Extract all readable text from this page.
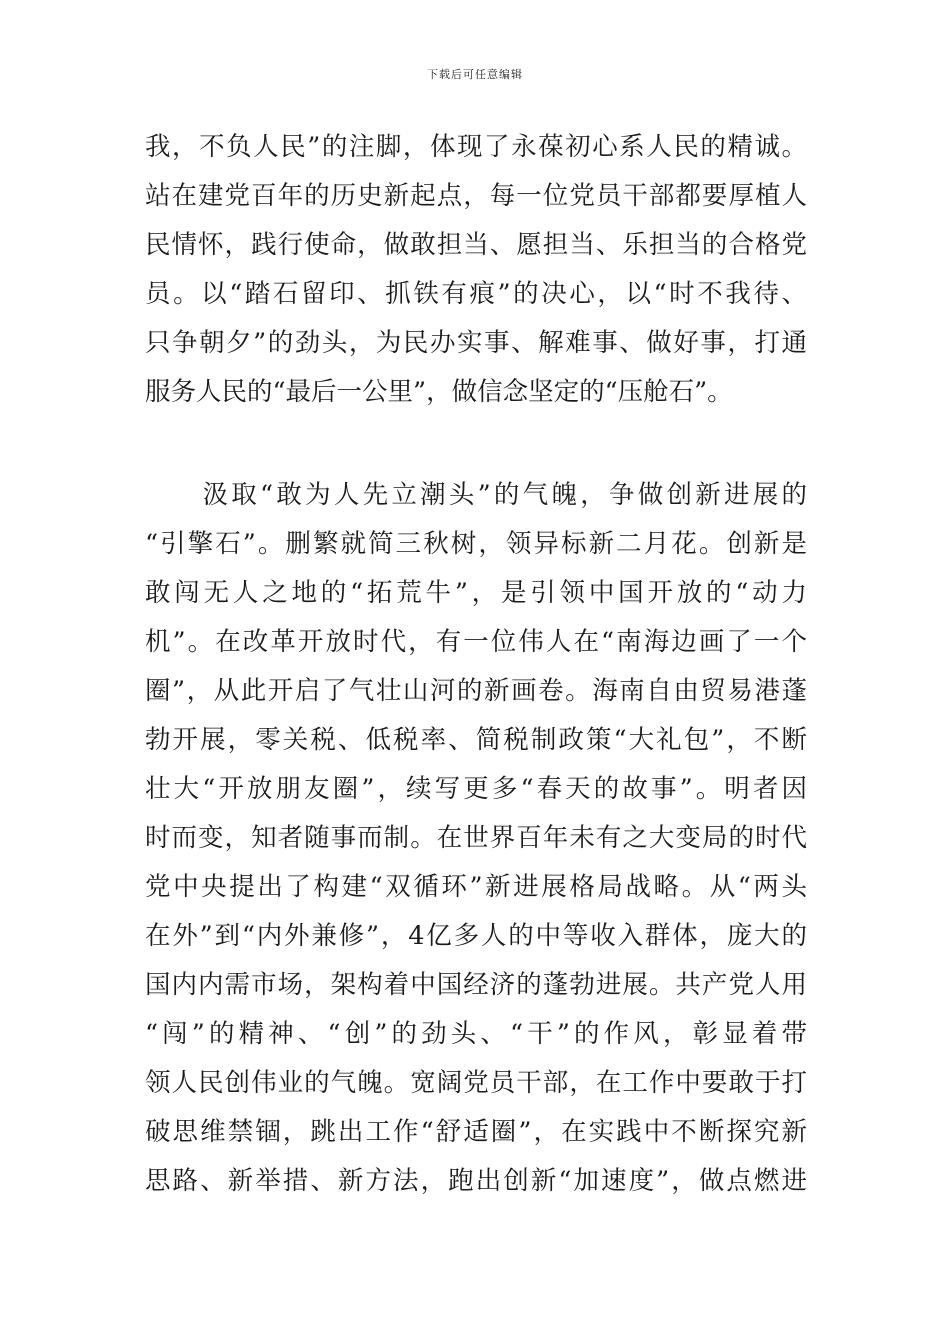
下载后可任意编辑
我，不负人民”的注脚，体现了永葆初心系人民的精诚。
站在建党百年的历史新起点，每一位党员干部都要厚植人
民情怀，践行使命，做敢担当、愿担当、乐担当的合格党
员。以“踏石留印、抓铁有痕”的决心，以“时不我待、
只争朝夕”的劲头，为民办实事、解难事、做好事，打通
服务人民的“最后一公里”，做信念坚定的“压舱石”。
　　汲取“敢为人先立潮头”的气魄，争做创新进展的
“引擎石”。删繁就简三秋树，领异标新二月花。创新是
敢闯无人之地的“拓荒牛”，是引领中国开放的“动力
机”。在改革开放时代，有一位伟人在“南海边画了一个
圈”，从此开启了气壮山河的新画卷。海南自由贸易港蓬
勃开展，零关税、低税率、简税制政策“大礼包”，不断
壮大“开放朋友圈”，续写更多“春天的故事”。明者因
时而变，知者随事而制。在世界百年未有之大变局的时代
党中央提出了构建“双循环”新进展格局战略。从“两头
在外”到“内外兼修”，4亿多人的中等收入群体，庞大的
国内内需市场，架构着中国经济的蓬勃进展。共产党人用
“闯”的精神、“创”的劲头、“干”的作风，彰显着带
领人民创伟业的气魄。宽阔党员干部，在工作中要敢于打
破思维禁锢，跳出工作“舒适圈”，在实践中不断探究新
思路、新举措、新方法，跑出创新“加速度”，做点燃进
